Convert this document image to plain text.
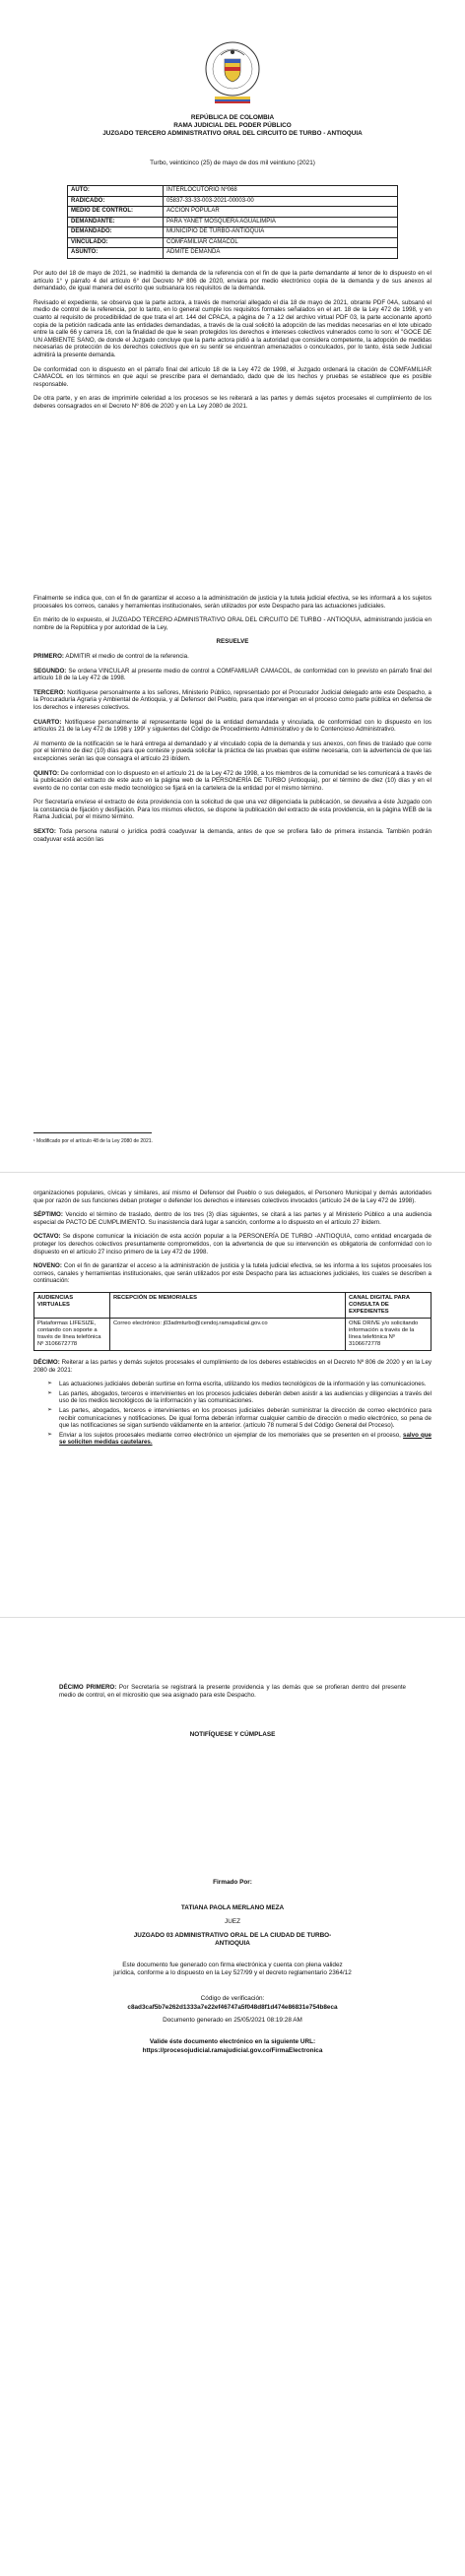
REPÚBLICA DE COLOMBIA
RAMA JUDICIAL DEL PODER PÚBLICO
JUZGADO TERCERO ADMINISTRATIVO ORAL DEL CIRCUITO DE TURBO - ANTIOQUIA
Turbo, veinticinco (25) de mayo de dos mil veintiuno (2021)
AUTO:	INTERLOCUTORIO Nº068
RADICADO:	05837-33-33-003-2021-00003-00
MEDIO DE CONTROL:	ACCIÓN POPULAR
DEMANDANTE:	PARA YANET MOSQUERA AGUALIMPIA
DEMANDADO:	MUNICIPIO DE TURBO-ANTIOQUIA
VINCULADO:	COMFAMILIAR CAMACOL
ASUNTO:	ADMITE DEMANDA

Por auto del 18 de mayo de 2021, se inadmitió la demanda de la referencia con el fin de que la parte demandante al tenor de lo dispuesto en el artículo 1° y párrafo 4 del artículo 6° del Decreto Nº 806 de 2020, enviara por medio electrónico copia de la demanda y de sus anexos al demandado, de igual manera del escrito que subsanara los requisitos de la demanda.

Revisado el expediente, se observa que la parte actora, a través de memorial allegado el día 18 de mayo de 2021, obrante PDF 04A, subsanó el medio de control de la referencia, por lo tanto, en lo general cumple los requisitos formales señalados en el art. 18 de la Ley 472 de 1998, y en cuanto al requisito de procedibilidad de que trata el art. 144 del CPACA, a página de 7 a 12 del archivo virtual PDF 03, la parte accionante aportó copia de la petición radicada ante las entidades demandadas, a través de la cual solicitó la adopción de las medidas necesarias en el lote ubicado entre la calle 66 y carrera 16, con la finalidad de que le sean protegidos los derechos e intereses colectivos vulnerados como lo son: el "GOCE DE UN AMBIENTE SANO, de donde el Juzgado concluye que la parte actora pidió a la autoridad que considera competente, la adopción de medidas necesarias de protección de los derechos colectivos que en su sentir se encuentran amenazados o conculcados, por lo tanto, ésta sede Judicial admitirá la presente demanda.

De conformidad con lo dispuesto en el párrafo final del artículo 18 de la Ley 472 de 1998, el Juzgado ordenará la citación de COMFAMILIAR CAMACOL en los términos en que aquí se prescribe para el demandado, dado que de los hechos y pruebas se establece que es posible responsable.

De otra parte, y en aras de imprimirle celeridad a los procesos se les reiterará a las partes y demás sujetos procesales el cumplimiento de los deberes consagrados en el Decreto Nº 806 de 2020 y en La Ley 2080 de 2021.

Finalmente se indica que, con el fin de garantizar el acceso a la administración de justicia y la tutela judicial efectiva, se les informará a los sujetos procesales los correos, canales y herramientas institucionales, serán utilizados por este Despacho para las actuaciones judiciales.

En mérito de lo expuesto, el JUZGADO TERCERO ADMINISTRATIVO ORAL DEL CIRCUITO DE TURBO - ANTIOQUIA, administrando justicia en nombre de la República y por autoridad de la Ley,

RESUELVE

PRIMERO: ADMITIR el medio de control de la referencia.

SEGUNDO: Se ordena VINCULAR al presente medio de control a COMFAMILIAR CAMACOL, de conformidad con lo previsto en párrafo final del artículo 18 de la Ley 472 de 1998.

TERCERO: Notifíquese personalmente a los señores, Ministerio Público, representado por el Procurador Judicial delegado ante este Despacho, a la Procuraduría Agraria y Ambiental de Antioquia, y al Defensor del Pueblo, para que intervengan en el proceso como parte pública en defensa de los derechos e intereses colectivos.

CUARTO: Notifíquese personalmente al representante legal de la entidad demandada y vinculada, de conformidad con lo dispuesto en los artículos 21 de la Ley 472 de 1998 y 199¹ y siguientes del Código de Procedimiento Administrativo y de lo Contencioso Administrativo.

Al momento de la notificación se le hará entrega al demandado y al vinculado copia de la demanda y sus anexos, con fines de traslado que corre por el término de diez (10) días para que conteste y pueda solicitar la práctica de las pruebas que estime necesaria, con la advertencia de que las excepciones serán las que consagra el artículo 23 ibídem.

QUINTO: De conformidad con lo dispuesto en el artículo 21 de la Ley 472 de 1998, a los miembros de la comunidad se les comunicará a través de la publicación del extracto de este auto en la página web de la PERSONERÍA DE TURBO (Antioquia), por el término de diez (10) días y en el evento de no contar con este medio tecnológico se fijará en la cartelera de la entidad por el mismo término.

Por Secretaría envíese el extracto de ésta providencia con la solicitud de que una vez diligenciada la publicación, se devuelva a éste Juzgado con la constancia de fijación y desfijación. Para los mismos efectos, se dispone la publicación del extracto de esta providencia, en la página WEB de la Rama Judicial, por el mismo término.

SEXTO: Toda persona natural o jurídica podrá coadyuvar la demanda, antes de que se profiera fallo de primera instancia. También podrán coadyuvar está acción las

¹ Modificado por el artículo 48 de la Ley 2080 de 2021.

organizaciones populares, cívicas y similares, así mismo el Defensor del Pueblo o sus delegados, el Personero Municipal y demás autoridades que por razón de sus funciones deban proteger o defender los derechos e intereses colectivos invocados (artículo 24 de la Ley 472 de 1998).

SÉPTIMO: Vencido el término de traslado, dentro de los tres (3) días siguientes, se citará a las partes y al Ministerio Público a una audiencia especial de PACTO DE CUMPLIMIENTO. Su inasistencia dará lugar a sanción, conforme a lo dispuesto en el artículo 27 ibídem.

OCTAVO: Se dispone comunicar la iniciación de esta acción popular a la PERSONERÍA DE TURBO -ANTIOQUIA, como entidad encargada de proteger los derechos colectivos presuntamente comprometidos, con la advertencia de que su intervención es obligatoria de conformidad con lo dispuesto en el artículo 27 inciso primero de la Ley 472 de 1998.

NOVENO: Con el fin de garantizar el acceso a la administración de justicia y la tutela judicial efectiva, se les informa a los sujetos procesales los correos, canales y herramientas institucionales, que serán utilizados por este Despacho para las actuaciones judiciales, los cuales se describen a continuación:

AUDIENCIAS VIRTUALES	RECEPCIÓN DE MEMORIALES	CANAL DIGITAL PARA CONSULTA DE EXPEDIENTES
Plataformas LIFESIZE, contando con soporte a través de línea telefónica Nº 3106672778	Correo electrónico: j03admturbo@cendoj.ramajudicial.gov.co	ONE DRIVE y/o solicitando información a través de la línea telefónica Nº 3106672778

DÉCIMO: Reiterar a las partes y demás sujetos procesales el cumplimiento de los deberes establecidos en el Decreto Nº 806 de 2020 y en la Ley 2080 de 2021:

➢ Las actuaciones judiciales deberán surtirse en forma escrita, utilizando los medios tecnológicos de la información y las comunicaciones.
➢ Las partes, abogados, terceros e intervinientes en los procesos judiciales deberán deben asistir a las audiencias y diligencias a través del uso de los medios tecnológicos de la información y las comunicaciones.
➢ Las partes, abogados, terceros e intervinientes en los procesos judiciales deberán suministrar la dirección de correo electrónico para recibir comunicaciones y notificaciones. De igual forma deberán informar cualquier cambio de dirección o medio electrónico, so pena de que las notificaciones se sigan surtiendo válidamente en la anterior. (artículo 78 numeral 5 del Código General del Proceso).
➢ Enviar a los sujetos procesales mediante correo electrónico un ejemplar de los memoriales que se presenten en el proceso, salvo que se soliciten medidas cautelares.

DÉCIMO PRIMERO: Por Secretaría se registrará la presente providencia y las demás que se profieran dentro del presente medio de control, en el micrositio que sea asignado para este Despacho.

NOTIFÍQUESE Y CÚMPLASE
Firmado Por:
TATIANA PAOLA MERLANO MEZA
JUEZ
JUZGADO 03 ADMINISTRATIVO ORAL DE LA CIUDAD DE TURBO-ANTIOQUIA
Este documento fue generado con firma electrónica y cuenta con plena validez jurídica, conforme a lo dispuesto en la Ley 527/99 y el decreto reglamentario 2364/12
Código de verificación:
c8ad3caf5b7e262d1333a7e22ef46747a5f048d8f1d474e86831e754b8eca
Documento generado en 25/05/2021 08:19:28 AM
Valide éste documento electrónico en la siguiente URL:
https://procesojudicial.ramajudicial.gov.co/FirmaElectronica
